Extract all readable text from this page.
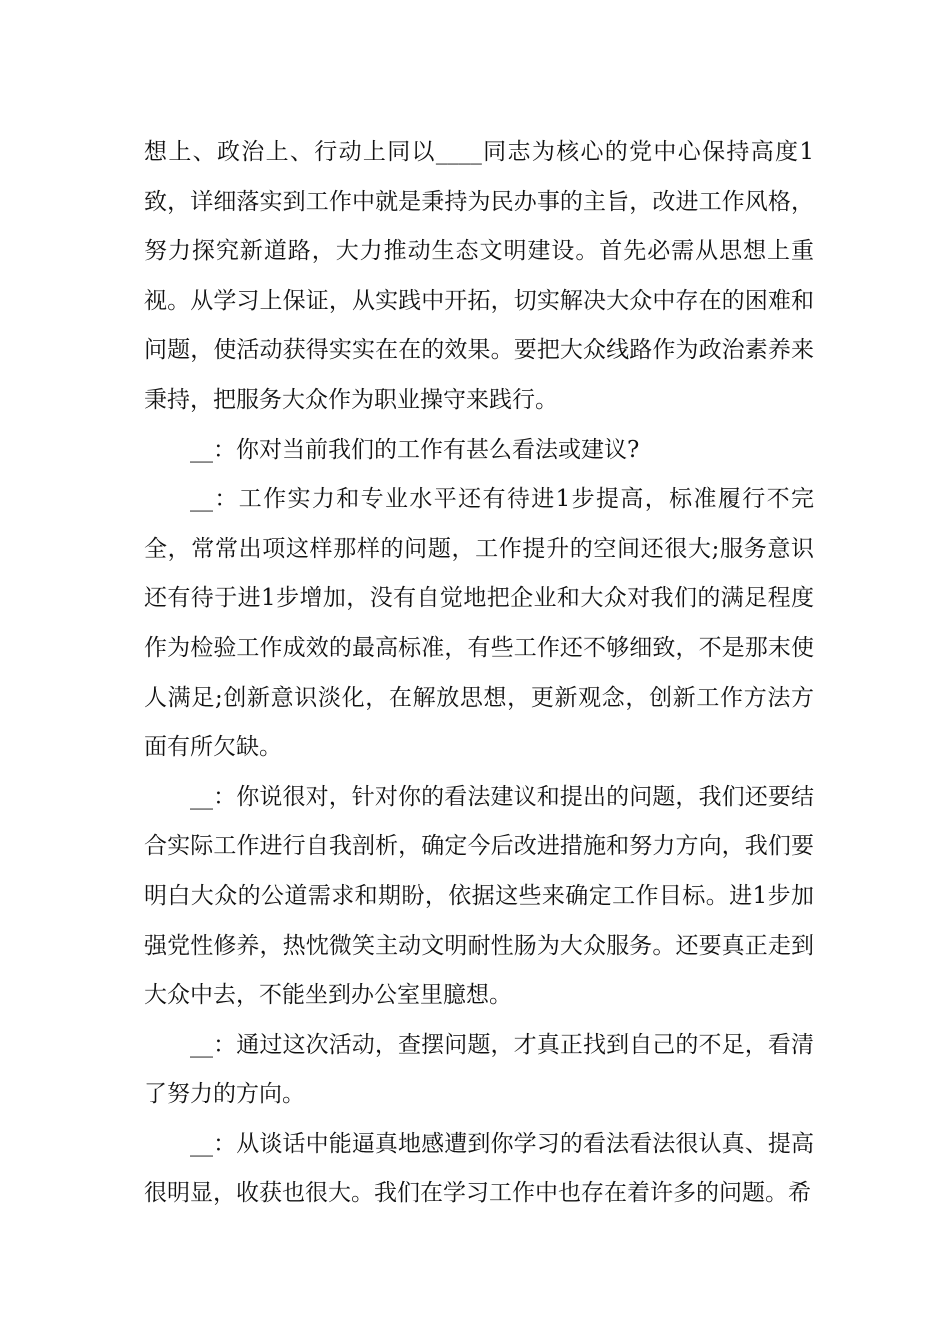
想上、政治上、行动上同以____同志为核心的党中心保持高度1致，详细落实到工作中就是秉持为民办事的主旨，改进工作风格，努力探究新道路，大力推动生态文明建设。首先必需从思想上重视。从学习上保证，从实践中开拓，切实解决大众中存在的困难和问题，使活动获得实实在在的效果。要把大众线路作为政治素养来秉持，把服务大众作为职业操守来践行。

__：你对当前我们的工作有甚么看法或建议?

__：工作实力和专业水平还有待进1步提高，标准履行不完全，常常出项这样那样的问题，工作提升的空间还很大;服务意识还有待于进1步增加，没有自觉地把企业和大众对我们的满足程度作为检验工作成效的最高标准，有些工作还不够细致，不是那末使人满足;创新意识淡化，在解放思想，更新观念，创新工作方法方面有所欠缺。

__：你说很对，针对你的看法建议和提出的问题，我们还要结合实际工作进行自我剖析，确定今后改进措施和努力方向，我们要明白大众的公道需求和期盼，依据这些来确定工作目标。进1步加强党性修养，热忱微笑主动文明耐性肠为大众服务。还要真正走到大众中去，不能坐到办公室里臆想。

__：通过这次活动，查摆问题，才真正找到自己的不足，看清了努力的方向。

__：从谈话中能逼真地感遭到你学习的看法看法很认真、提高很明显，收获也很大。我们在学习工作中也存在着许多的问题。希
